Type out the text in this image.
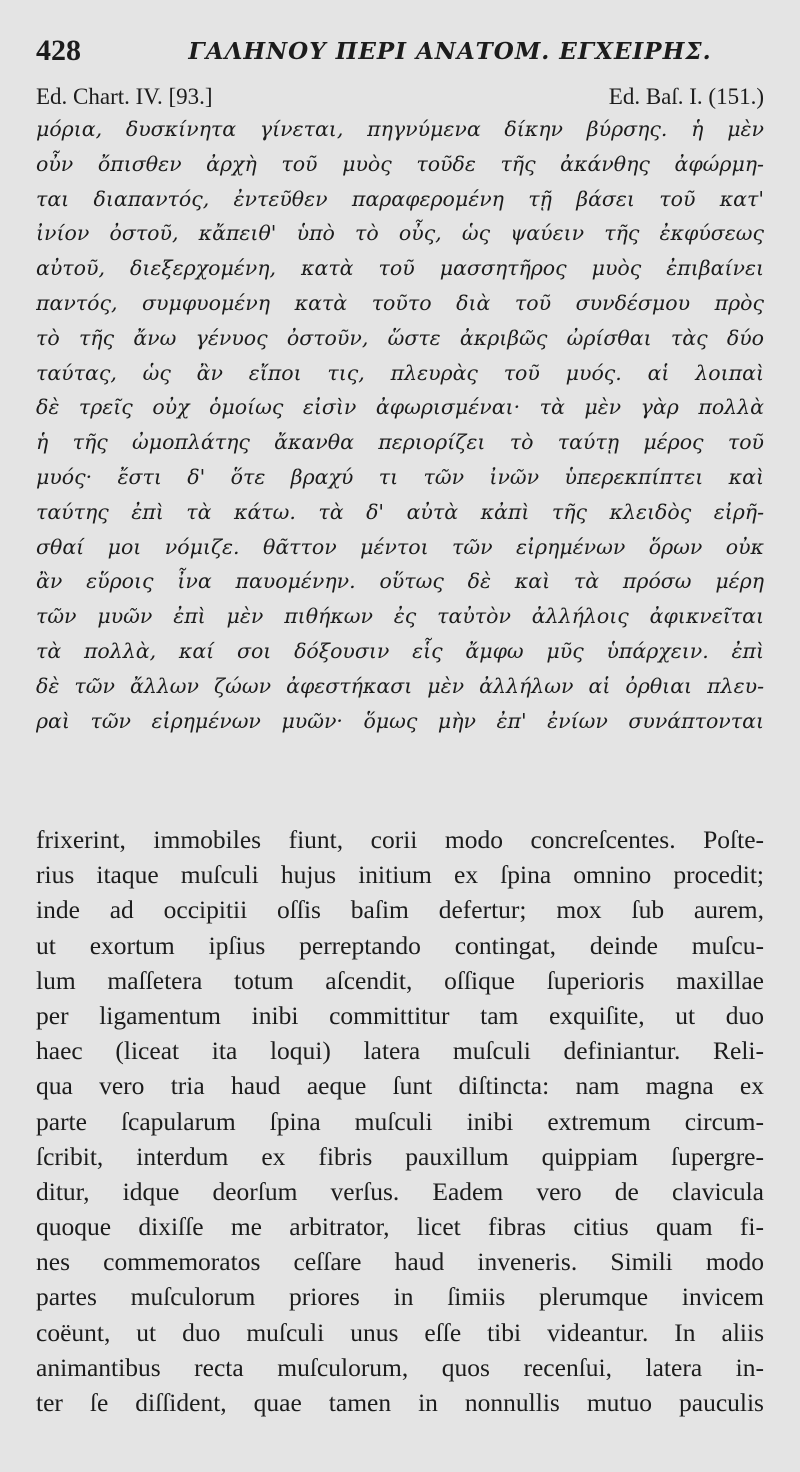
428	ΓΑΛΗΝΟΥ ΠΕΡΙ ΑΝΑΤΟΜ. ΕΓΧΕΙΡΗΣ.
Ed. Chart. IV. [93.]	Ed. Baſ. I. (151.)
μόρια, δυσκίνητα γίνεται, πηγνύμενα δίκην βύρσης. ἡ μὲν
οὖν ὄπισθεν ἀρχὴ τοῦ μυὸς τοῦδε τῆς ἀκάνθης ἀφώρμη-
ται διαπαντός, ἐντεῦθεν παραφερομένη τῇ βάσει τοῦ κατ'
ἰνίον ὀστοῦ, κἄπειθ' ὑπὸ τὸ οὖς, ὡς ψαύειν τῆς ἐκφύσεως
αὐτοῦ, διεξερχομένη, κατὰ τοῦ μασσητῆρος μυὸς ἐπιβαίνει
παντός, συμφυομένη κατὰ τοῦτο διὰ τοῦ συνδέσμου πρὸς
τὸ τῆς ἄνω γένυος ὀστοῦν, ὥστε ἀκριβῶς ὠρίσθαι τὰς δύο
ταύτας, ὡς ἂν εἴποι τις, πλευρὰς τοῦ μυός. αἱ λοιπαὶ
δὲ τρεῖς οὐχ ὁμοίως εἰσὶν ἀφωρισμέναι· τὰ μὲν γὰρ πολλὰ
ἡ τῆς ὠμοπλάτης ἄκανθα περιορίζει τὸ ταύτῃ μέρος τοῦ
μυός· ἔστι δ' ὅτε βραχύ τι τῶν ἰνῶν ὑπερεκπίπτει καὶ
ταύτης ἐπὶ τὰ κάτω. τὰ δ' αὐτὰ κἀπὶ τῆς κλειδὸς εἰρῆ-
σθαί μοι νόμιζε. θᾶττον μέντοι τῶν εἰρημένων ὅρων οὐκ
ἂν εὕροις ἶνα παυομένην. οὕτως δὲ καὶ τὰ πρόσω μέρη
τῶν μυῶν ἐπὶ μὲν πιθήκων ἐς ταὐτὸν ἀλλήλοις ἀφικνεῖται
τὰ πολλὰ, καί σοι δόξουσιν εἷς ἄμφω μῦς ὑπάρχειν. ἐπὶ
δὲ τῶν ἄλλων ζώων ἀφεστήκασι μὲν ἀλλήλων αἱ ὀρθιαι πλευ-
ραὶ τῶν εἰρημένων μυῶν· ὅμως μὴν ἐπ' ἐνίων συνάπτονται
frixerint, immobiles fiunt, corii modo concreſcentes. Poſte-
rius itaque muſculi hujus initium ex ſpina omnino procedit;
inde ad occipitii oſſis baſim defertur; mox ſub aurem,
ut exortum ipſius perreptando contingat, deinde muſcu-
lum maſſetera totum aſcendit, oſſique ſuperioris maxillae
per ligamentum inibi committitur tam exquiſite, ut duo
haec (liceat ita loqui) latera muſculi definiantur. Reli-
qua vero tria haud aeque ſunt diſtincta: nam magna ex
parte ſcapularum ſpina muſculi inibi extremum circum-
ſcribit, interdum ex fibris pauxillum quippiam ſupergre-
ditur, idque deorſum verſus. Eadem vero de clavicula
quoque dixiſſe me arbitrator, licet fibras citius quam fi-
nes commemoratos ceſſare haud inveneris. Simili modo
partes muſculorum priores in ſimiis plerumque invicem
coëunt, ut duo muſculi unus eſſe tibi videantur. In aliis
animantibus recta muſculorum, quos recenſui, latera in-
ter ſe diſſident, quae tamen in nonnullis mutuo pauculis
